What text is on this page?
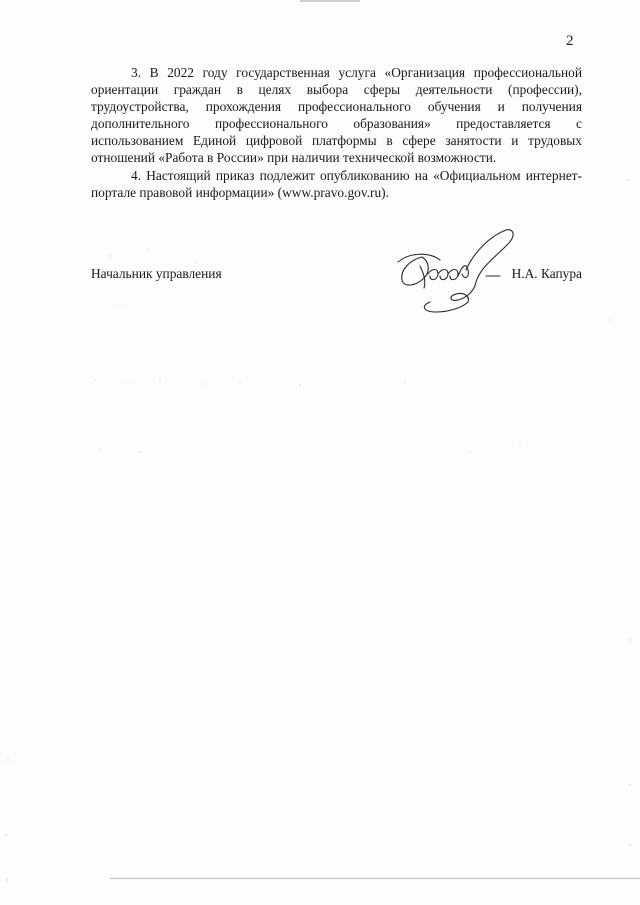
2

3. В 2022 году государственная услуга «Организация профессиональной ориентации граждан в целях выбора сферы деятельности (профессии), трудоустройства, прохождения профессионального обучения и получения дополнительного профессионального образования» предоставляется с использованием Единой цифровой платформы в сфере занятости и трудовых отношений «Работа в России» при наличии технической возможности.

4. Настоящий приказ подлежит опубликованию на «Официальном интернет-портале правовой информации» (www.pravo.gov.ru).

Начальник управления	Н.А. Капура
